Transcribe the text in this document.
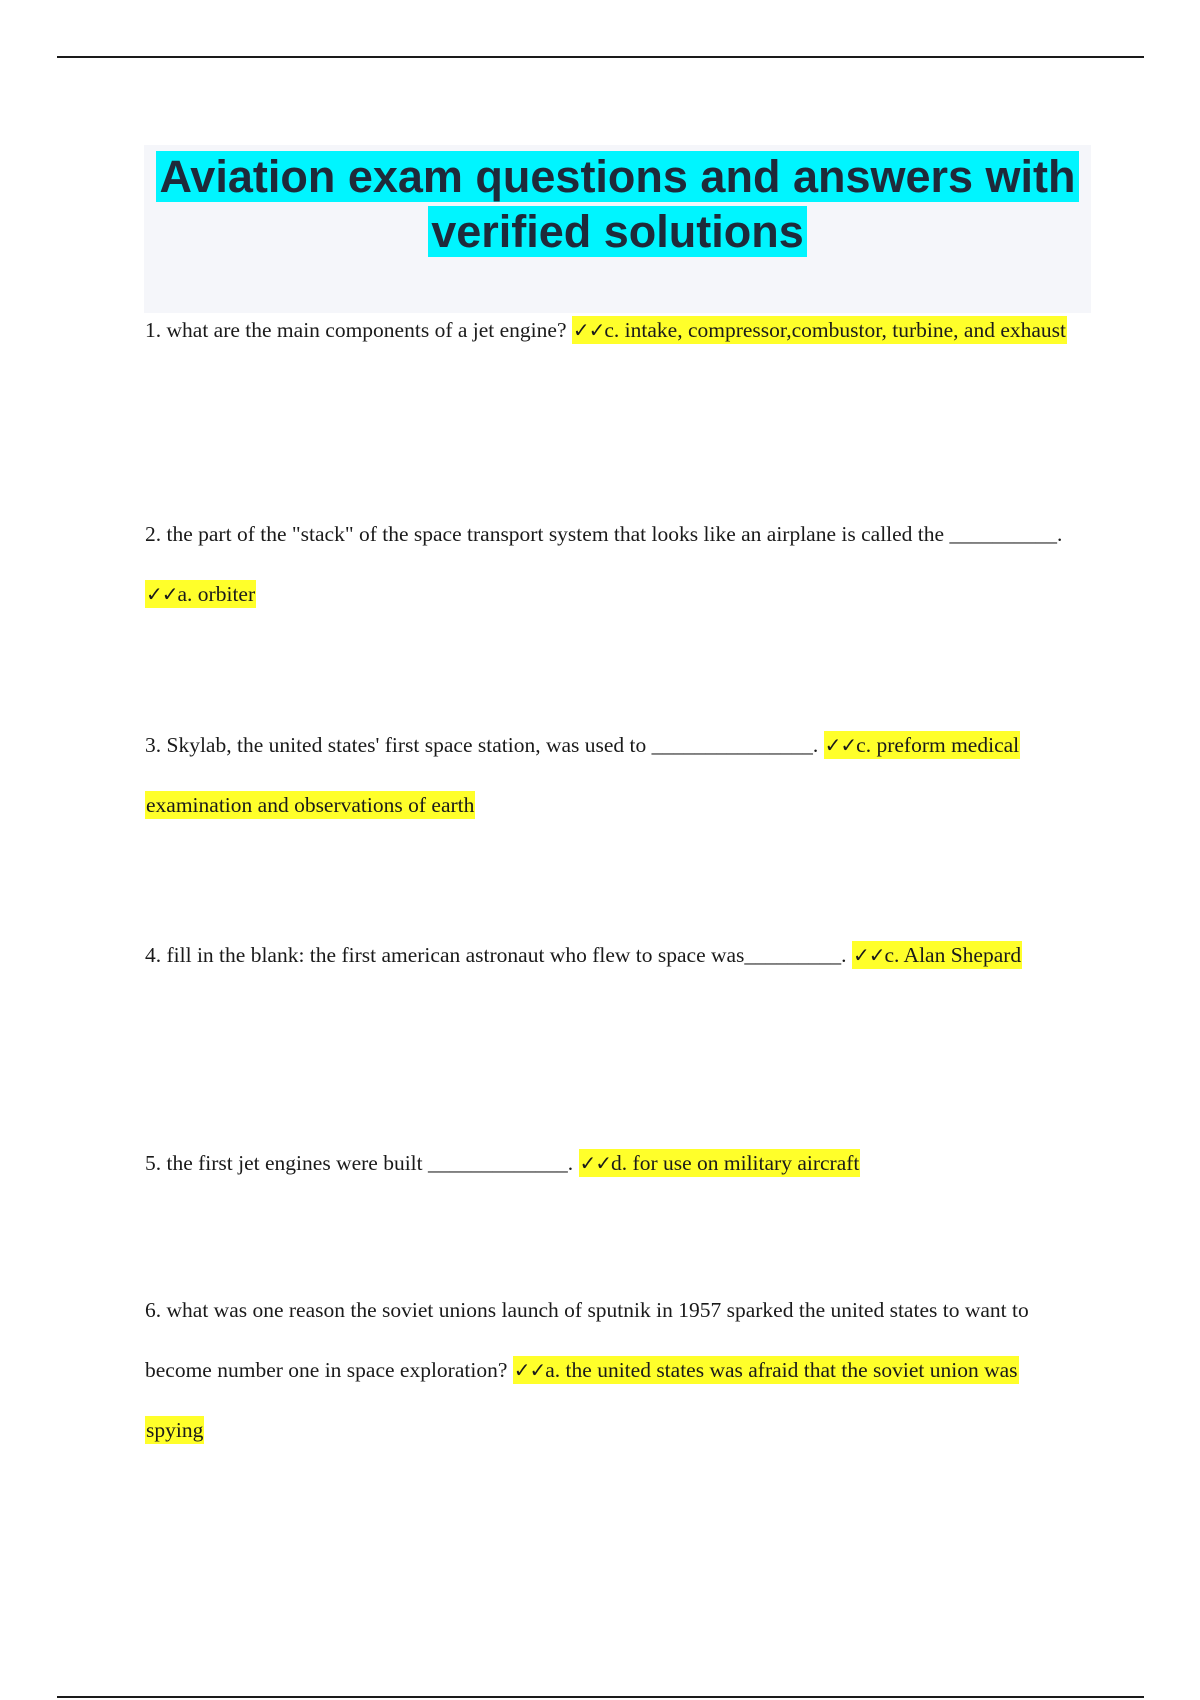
Aviation exam questions and answers with verified solutions

1. what are the main components of a jet engine? ✓✓c. intake, compressor,combustor, turbine, and exhaust

2. the part of the "stack" of the space transport system that looks like an airplane is called the __________. ✓✓a. orbiter

3. Skylab, the united states' first space station, was used to _______________. ✓✓c. preform medical examination and observations of earth

4. fill in the blank: the first american astronaut who flew to space was_________. ✓✓c. Alan Shepard

5. the first jet engines were built _____________. ✓✓d. for use on military aircraft

6. what was one reason the soviet unions launch of sputnik in 1957 sparked the united states to want to become number one in space exploration? ✓✓a. the united states was afraid that the soviet union was spying
